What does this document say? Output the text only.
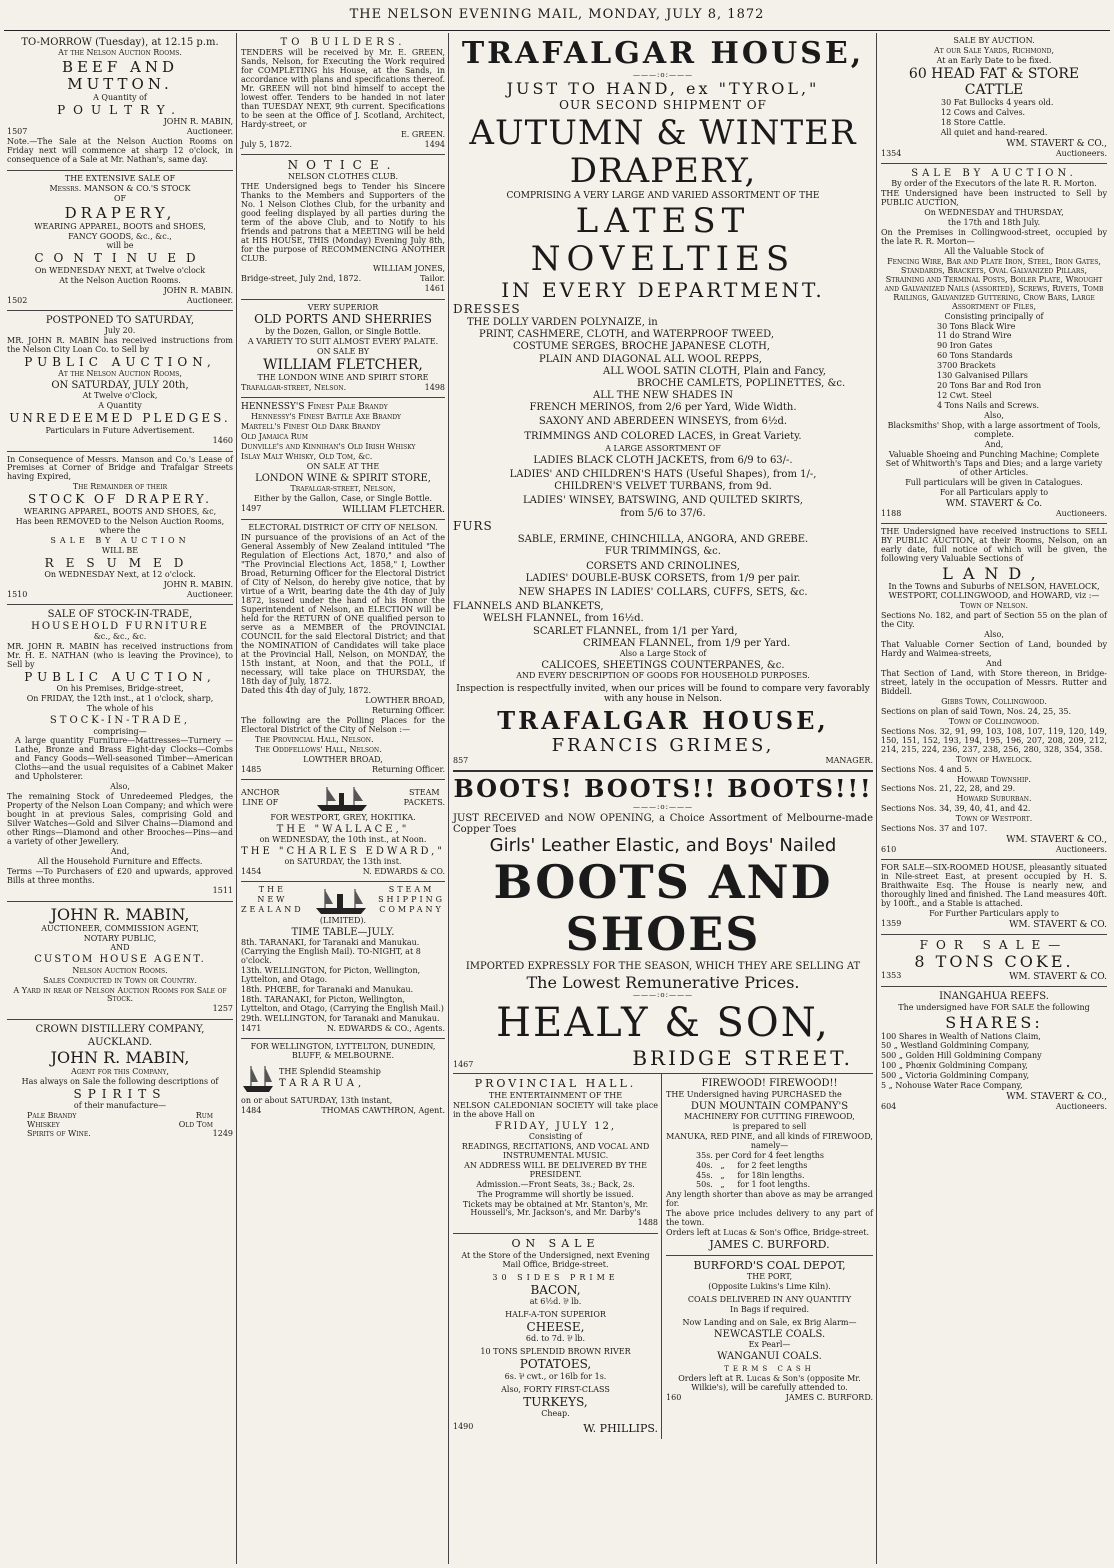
THE NELSON EVENING MAIL, MONDAY, JULY 8, 1872

TO-MORROW (Tuesday), at 12.15 p.m.

At the Nelson Auction Rooms.

BEEF AND MUTTON.

A Quantity of

POULTRY.

JOHN R. MABIN,

1507	Auctioneer.

Note.—The Sale at the Nelson Auction Rooms on Friday next will commence at sharp 12 o'clock, in consequence of a Sale at Mr. Nathan's, same day.

THE EXTENSIVE SALE OF

Messrs. MANSON & CO.'S STOCK

OF

DRAPERY,

WEARING APPAREL, BOOTS and SHOES,

FANCY GOODS, &c., &c.,

will be

CONTINUED

On WEDNESDAY NEXT, at Twelve o'clock

At the Nelson Auction Rooms.

JOHN R. MABIN.

1502	Auctioneer.

POSTPONED TO SATURDAY,

July 20.

MR. JOHN R. MABIN has received instructions from the Nelson City Loan Co. to Sell by

PUBLIC AUCTION,

At the Nelson Auction Rooms,

ON SATURDAY, JULY 20th,

At Twelve o'Clock,

A Quantity

UNREDEEMED PLEDGES.

Particulars in Future Advertisement.

1460

In Consequence of Messrs. Manson and Co.'s Lease of Premises at Corner of Bridge and Trafalgar Streets having Expired,

The Remainder of their

STOCK OF DRAPERY.

WEARING APPAREL, BOOTS AND SHOES, &c,

Has been REMOVED to the Nelson Auction Rooms, where the

SALE BY AUCTION

WILL BE

RESUMED

On WEDNESDAY Next, at 12 o'clock.

JOHN R. MABIN.

1510	Auctioneer.

SALE OF STOCK-IN-TRADE,

HOUSEHOLD FURNITURE

&c., &c., &c.

MR. JOHN R. MABIN has received instructions from Mr. H. E. NATHAN (who is leaving the Province), to Sell by

PUBLIC AUCTION,

On his Premises, Bridge-street,

On FRIDAY, the 12th inst., at 1 o'clock, sharp,

The whole of his

STOCK-IN-TRADE,

comprising—

A large quantity Furniture—Mattresses—Turnery — Lathe, Bronze and Brass Eight-day Clocks—Combs and Fancy Goods—Well-seasoned Timber—American Cloths—and the usual requisites of a Cabinet Maker and Upholsterer.

Also,

The remaining Stock of Unredeemed Pledges, the Property of the Nelson Loan Company; and which were bought in at previous Sales, comprising Gold and Silver Watches—Gold and Silver Chains—Diamond and other Rings—Diamond and other Brooches—Pins—and a variety of other Jewellery.

And,

All the Household Furniture and Effects.

Terms —To Purchasers of £20 and upwards, approved Bills at three months.

1511

JOHN R. MABIN,

AUCTIONEER, COMMISSION AGENT,

NOTARY PUBLIC,

AND

CUSTOM HOUSE AGENT.

Nelson Auction Rooms.

Sales Conducted in Town or Country.

A Yard in rear of Nelson Auction Rooms for Sale of Stock.

1257

CROWN DISTILLERY COMPANY,

AUCKLAND.

JOHN R. MABIN,

Agent for this Company,

Has always on Sale the following descriptions of

SPIRITS

of their manufacture—

Pale Brandy	Rum
Whiskey	Old Tom
Spirits of Wine.	1249

TO BUILDERS.

TENDERS will be received by Mr. E. GREEN, Sands, Nelson, for Executing the Work required for COMPLETING his House, at the Sands, in accordance with plans and specifications thereof. Mr. GREEN will not bind himself to accept the lowest offer. Tenders to be handed in not later than TUESDAY NEXT, 9th current. Specifications to be seen at the Office of J. Scotland, Architect, Hardy-street, or

E. GREEN.

July 5, 1872.	1494

NOTICE.

NELSON CLOTHES CLUB.

THE Undersigned begs to Tender his Sincere Thanks to the Members and Supporters of the No. 1 Nelson Clothes Club, for the urbanity and good feeling displayed by all parties during the term of the above Club, and to Notify to his friends and patrons that a MEETING will be held at HIS HOUSE, THIS (Monday) Evening July 8th, for the purpose of RECOMMENCING ANOTHER CLUB.

WILLIAM JONES,

Bridge-street, July 2nd, 1872.	Tailor.

1461

VERY SUPERIOR

OLD PORTS AND SHERRIES

by the Dozen, Gallon, or Single Bottle.

A VARIETY TO SUIT ALMOST EVERY PALATE.

ON SALE BY

WILLIAM FLETCHER,

THE LONDON WINE AND SPIRIT STORE

Trafalgar-street, Nelson.	1498

HENNESSY'S Finest Pale Brandy

Hennessy's Finest Battle Axe Brandy

Martell's Finest Old Dark Brandy

Old Jamaica Rum

Dunville's and Kinnihan's Old Irish Whisky

Islay Malt Whisky, Old Tom, &c.

ON SALE AT THE

LONDON WINE & SPIRIT STORE,

Trafalgar-street, Nelson,

Either by the Gallon, Case, or Single Bottle.

1497	WILLIAM FLETCHER.

ELECTORAL DISTRICT OF CITY OF NELSON.

IN pursuance of the provisions of an Act of the General Assembly of New Zealand intituled "The Regulation of Elections Act, 1870," and also of "The Provincial Elections Act, 1858," I, Lowther Broad, Returning Officer for the Electoral District of City of Nelson, do hereby give notice, that by virtue of a Writ, bearing date the 4th day of July 1872, issued under the hand of his Honor the Superintendent of Nelson, an ELECTION will be held for the RETURN of ONE qualified person to serve as a MEMBER of the PROVINCIAL COUNCIL for the said Electoral District; and that the NOMINATION of Candidates will take place at the Provincial Hall, Nelson, on MONDAY, the 15th instant, at Noon, and that the POLL, if necessary, will take place on THURSDAY, the 18th day of July, 1872.

Dated this 4th day of July, 1872.

LOWTHER BROAD,

Returning Officer.

The following are the Polling Places for the Electoral District of the City of Nelson :—

The Provincial Hall, Nelson.

The Oddfellows' Hall, Nelson.

LOWTHER BROAD,

1485	Returning Officer.

ANCHOR

LINE OF

STEAM

PACKETS.

FOR WESTPORT, GREY, HOKITIKA.

THE "WALLACE,"

on WEDNESDAY, the 10th inst., at Noon.

THE "CHARLES EDWARD,"

on SATURDAY, the 13th inst.

1454	N. EDWARDS & CO.

THE

NEW

ZEALAND

STEAM

SHIPPING

COMPANY

(LIMITED).

TIME TABLE—JULY.

8th. TARANAKI, for Taranaki and Manukau. (Carrying the English Mail). TO-NIGHT, at 8 o'clock.

13th. WELLINGTON, for Picton, Wellington, Lyttelton, and Otago.

18th. PHŒBE, for Taranaki and Manukau.

18th. TARANAKI, for Picton, Wellington, Lyttelton, and Otago, (Carrying the English Mail.)

29th. WELLINGTON, for Taranaki and Manukau.

1471	N. EDWARDS & CO., Agents.

FOR WELLINGTON, LYTTELTON, DUNEDIN, BLUFF, & MELBOURNE.

THE Splendid Steamship

TARARUA,

on or about SATURDAY, 13th instant,

1484	THOMAS CAWTHRON, Agent.

TRAFALGAR HOUSE,

———:o:———

JUST TO HAND, ex "TYROL,"

OUR SECOND SHIPMENT OF

AUTUMN & WINTER DRAPERY,

COMPRISING A VERY LARGE AND VARIED ASSORTMENT OF THE

LATEST NOVELTIES

IN EVERY DEPARTMENT.

DRESSES

THE DOLLY VARDEN POLYNAIZE, in

PRINT, CASHMERE, CLOTH, and WATERPROOF TWEED,

COSTUME SERGES, BROCHE JAPANESE CLOTH,

PLAIN AND DIAGONAL ALL WOOL REPPS,

ALL WOOL SATIN CLOTH, Plain and Fancy,

BROCHE CAMLETS, POPLINETTES, &c.

ALL THE NEW SHADES IN

FRENCH MERINOS, from 2/6 per Yard, Wide Width.

SAXONY AND ABERDEEN WINSEYS, from 6½d.

TRIMMINGS AND COLORED LACES, in Great Variety.

A LARGE ASSORTMENT OF

LADIES BLACK CLOTH JACKETS, from 6/9 to 63/-.

LADIES' AND CHILDREN'S HATS (Useful Shapes), from 1/-,

CHILDREN'S VELVET TURBANS, from 9d.

LADIES' WINSEY, BATSWING, AND QUILTED SKIRTS,

from 5/6 to 37/6.

FURS

SABLE, ERMINE, CHINCHILLA, ANGORA, AND GREBE.

FUR TRIMMINGS, &c.

CORSETS AND CRINOLINES,

LADIES' DOUBLE-BUSK CORSETS, from 1/9 per pair.

NEW SHAPES IN LADIES' COLLARS, CUFFS, SETS, &c.

FLANNELS AND BLANKETS,

WELSH FLANNEL, from 16½d.

SCARLET FLANNEL, from 1/1 per Yard,

CRIMEAN FLANNEL, from 1/9 per Yard.

Also a Large Stock of

CALICOES, SHEETINGS COUNTERPANES, &c.

AND EVERY DESCRIPTION OF GOODS FOR HOUSEHOLD PURPOSES.

Inspection is respectfully invited, when our prices will be found to compare very favorably with any house in Nelson.

TRAFALGAR HOUSE,

FRANCIS GRIMES,

857	MANAGER.

BOOTS! BOOTS!! BOOTS!!!

———:o:———

JUST RECEIVED and NOW OPENING, a Choice Assortment of Melbourne-made Copper Toes

Girls' Leather Elastic, and Boys' Nailed

BOOTS AND SHOES

IMPORTED EXPRESSLY FOR THE SEASON, WHICH THEY ARE SELLING AT

The Lowest Remunerative Prices.

———:o:———

HEALY & SON,

1467	BRIDGE STREET.

PROVINCIAL HALL.

THE ENTERTAINMENT OF THE

NELSON CALEDONIAN SOCIETY will take place in the above Hall on

FRIDAY, JULY 12,

Consisting of

READINGS, RECITATIONS, AND VOCAL AND INSTRUMENTAL MUSIC.

AN ADDRESS WILL BE DELIVERED BY THE PRESIDENT.

Admission.—Front Seats, 3s.; Back, 2s.

The Programme will shortly be issued.

Tickets may be obtained at Mr. Stanton's, Mr. Houssell's, Mr. Jackson's, and Mr. Darby's

1488

ON SALE

At the Store of the Undersigned, next Evening Mail Office, Bridge-street.

30 SIDES PRIME

BACON,

at 6½d. ⅌ lb.

HALF-A-TON SUPERIOR

CHEESE,

6d. to 7d. ⅌ lb.

10 TONS SPLENDID BROWN RIVER

POTATOES,

6s. ⅌ cwt., or 16lb for 1s.

Also, FORTY FIRST-CLASS

TURKEYS,

Cheap.

1490	W. PHILLIPS.

FIREWOOD! FIREWOOD!!

THE Undersigned having PURCHASED the

DUN MOUNTAIN COMPANY'S

MACHINERY FOR CUTTING FIREWOOD,

is prepared to sell

MANUKA, RED PINE, and all kinds of FIREWOOD, namely—

35s. per Cord for 4 feet lengths

40s.   „     for 2 feet lengths

45s.   „     for 18in lengths.

50s.   „     for 1 foot lengths.

Any length shorter than above as may be arranged for.

The above price includes delivery to any part of the town.

Orders left at Lucas & Son's Office, Bridge-street.

JAMES C. BURFORD.

BURFORD'S COAL DEPOT,

THE PORT,

(Opposite Lukins's Lime Kiln).

COALS DELIVERED IN ANY QUANTITY

In Bags if required.

Now Landing and on Sale, ex Brig Alarm—

NEWCASTLE COALS.

Ex Pearl—

WANGANUI COALS.

TERMS CASH

Orders left at R. Lucas & Son's (opposite Mr. Wilkie's), will be carefully attended to.

160	JAMES C. BURFORD.

SALE BY AUCTION.

At our Sale Yards, Richmond,

At an Early Date to be fixed.

60 HEAD FAT & STORE CATTLE

30 Fat Bullocks 4 years old.

12 Cows and Calves.

18 Store Cattle.

All quiet and hand-reared.

WM. STAVERT & CO.,

1354	Auctioneers.

SALE BY AUCTION.

By order of the Executors of the late R. R. Morton.

THE Undersigned have been instructed to Sell by PUBLIC AUCTION,

On WEDNESDAY and THURSDAY,

the 17th and 18th July.

On the Premises in Collingwood-street, occupied by the late R. R. Morton—

All the Valuable Stock of

Fencing Wire, Bar and Plate Iron, Steel, Iron Gates, Standards, Brackets, Oval Galvanized Pillars, Straining and Terminal Posts, Boiler Plate, Wrought and Galvanized Nails (assorted), Screws, Rivets, Tomb Railings, Galvanized Guttering, Crow Bars, Large Assortment of Files,

Consisting principally of

30 Tons Black Wire

11 do Strand Wire

90 Iron Gates

60 Tons Standards

3700 Brackets

130 Galvanised Pillars

20 Tons Bar and Rod Iron

12 Cwt. Steel

4 Tons Nails and Screws.

Also,

Blacksmiths' Shop, with a large assortment of Tools, complete.

And,

Valuable Shoeing and Punching Machine; Complete Set of Whitworth's Taps and Dies; and a large variety of other Articles.

Full particulars will be given in Catalogues.

For all Particulars apply to

WM. STAVERT & Co.

1188	Auctioneers.

THE Undersigned have received instructions to SELL BY PUBLIC AUCTION, at their Rooms, Nelson, on an early date, full notice of which will be given, the following very Valuable Sections of

LAND,

In the Towns and Suburbs of NELSON, HAVELOCK, WESTPORT, COLLINGWOOD, and HOWARD, viz :—

Town of Nelson.

Sections No. 182, and part of Section 55 on the plan of the City.

Also,

That Valuable Corner Section of Land, bounded by Hardy and Waimea-streets,

And

That Section of Land, with Store thereon, in Bridge-street, lately in the occupation of Messrs. Rutter and Biddell.

Gibbs Town, Collingwood.

Sections on plan of said Town, Nos. 24, 25, 35.

Town of Collingwood.

Sections Nos. 32, 91, 99, 103, 108, 107, 119, 120, 149, 150, 151, 152, 193, 194, 195, 196, 207, 208, 209, 212, 214, 215, 224, 236, 237, 238, 256, 280, 328, 354, 358.

Town of Havelock.

Sections Nos. 4 and 5.

Howard Township.

Sections Nos. 21, 22, 28, and 29.

Howard Suburban.

Sections Nos. 34, 39, 40, 41, and 42.

Town of Westport.

Sections Nos. 37 and 107.

WM. STAVERT & CO.,

610	Auctioneers.

FOR SALE—SIX-ROOMED HOUSE, pleasantly situated in Nile-street East, at present occupied by H. S. Braithwaite Esq. The House is nearly new, and thoroughly lined and finished. The Land measures 40ft. by 100ft., and a Stable is attached.

For Further Particulars apply to

1359	WM. STAVERT & CO.

FOR SALE—

8 TONS COKE.

1353	WM. STAVERT & CO.

INANGAHUA REEFS.

The undersigned have FOR SALE the following

SHARES:

100 Shares in Wealth of Nations Claim,

50 „ Westland Goldmining Company,

500 „ Golden Hill Goldmining Company

100 „ Phœnix Goldmining Company,

500 „ Victoria Goldmining Company,

5 „ Nohouse Water Race Company,

WM. STAVERT & CO.,

604	Auctioneers.
